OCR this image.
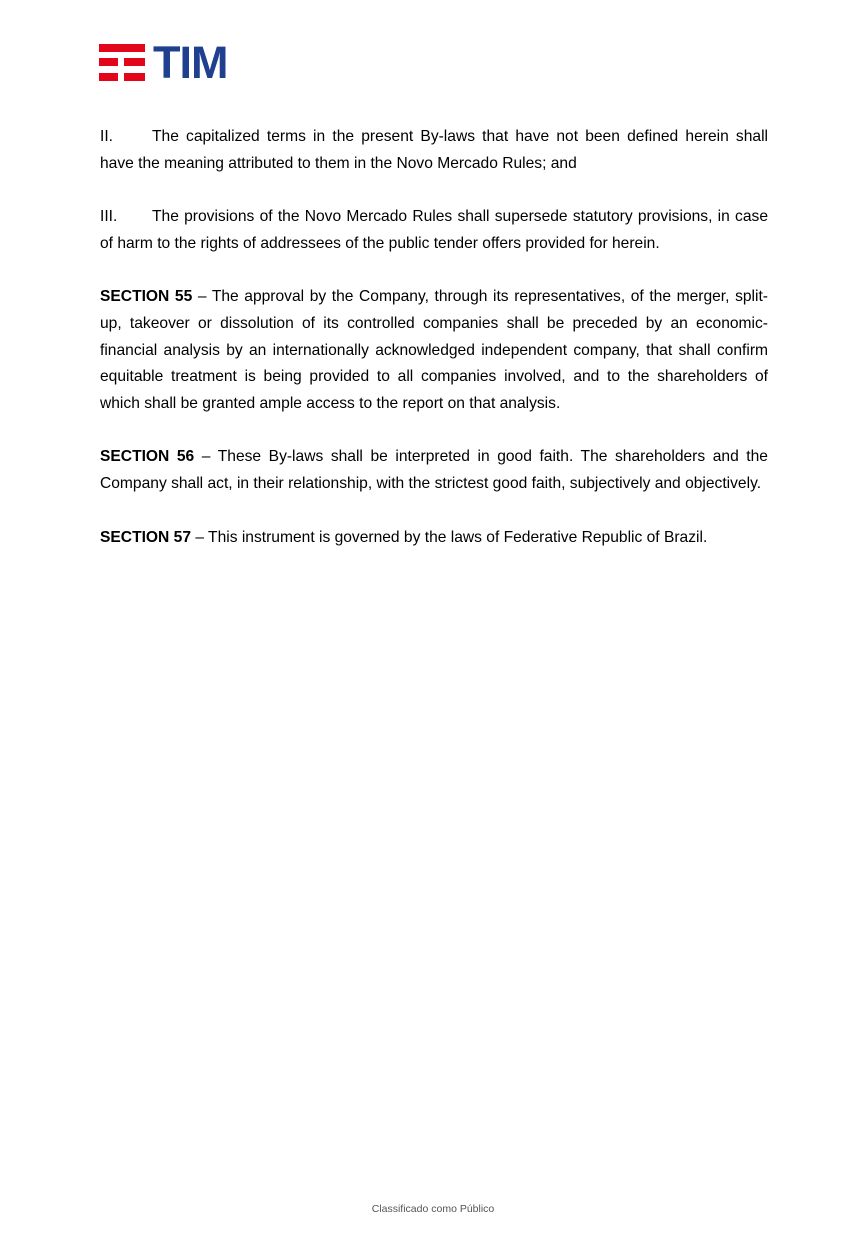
TIM

II.	The capitalized terms in the present By-laws that have not been defined herein shall have the meaning attributed to them in the Novo Mercado Rules; and

III. The provisions of the Novo Mercado Rules shall supersede statutory provisions, in case of harm to the rights of addressees of the public tender offers provided for herein.

SECTION 55 – The approval by the Company, through its representatives, of the merger, split-up, takeover or dissolution of its controlled companies shall be preceded by an economic-financial analysis by an internationally acknowledged independent company, that shall confirm equitable treatment is being provided to all companies involved, and to the shareholders of which shall be granted ample access to the report on that analysis.

SECTION 56 – These By-laws shall be interpreted in good faith. The shareholders and the Company shall act, in their relationship, with the strictest good faith, subjectively and objectively.

SECTION 57 – This instrument is governed by the laws of Federative Republic of Brazil.

Classificado como Público
